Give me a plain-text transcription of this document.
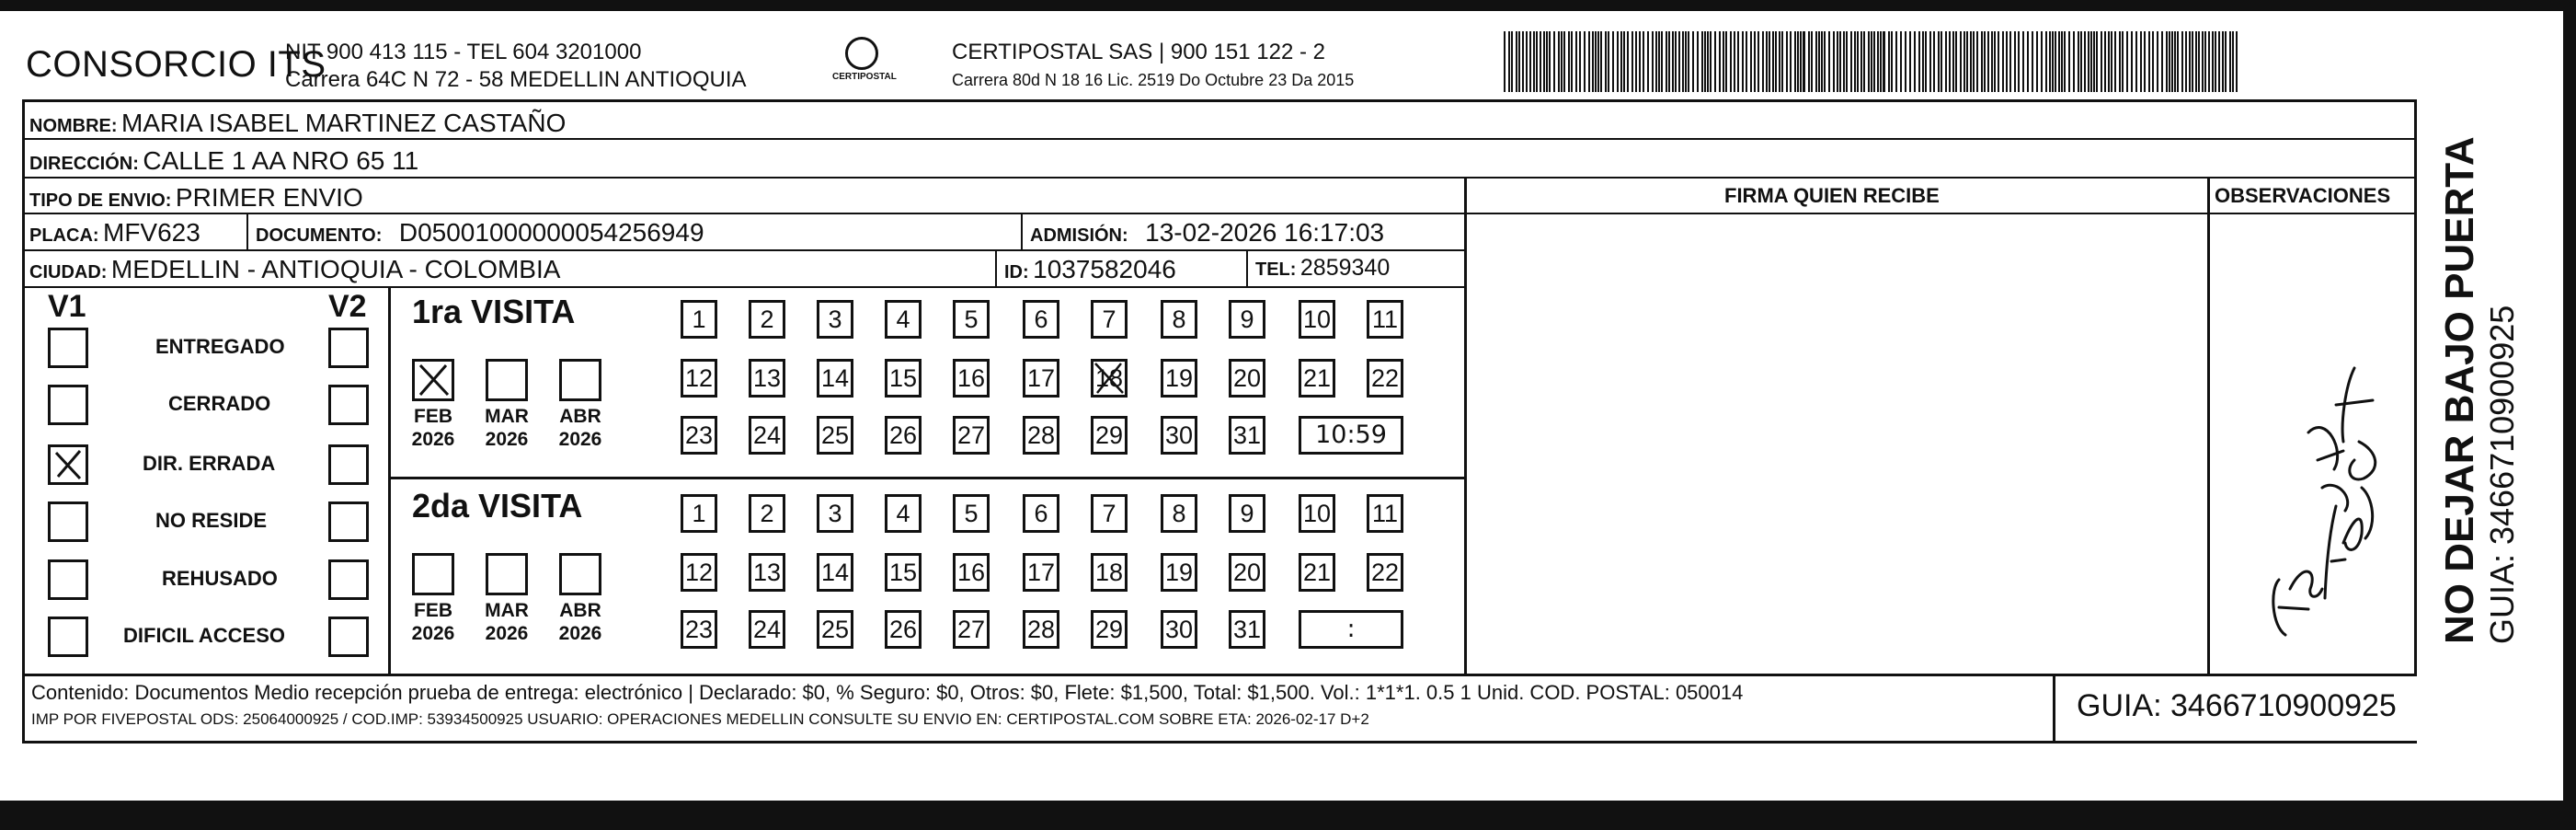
CONSORCIO ITS
NIT 900 413 115 - TEL 604 3201000
Carrera 64C N 72 - 58 MEDELLIN ANTIOQUIA	CERTIPOSTAL
CERTIPOSTAL SAS | 900 151 122 - 2
Carrera 80d N 18 16 Lic. 2519 Do Octubre 23 Da 2015
NOMBRE: MARIA ISABEL MARTINEZ CASTAÑO
DIRECCIÓN: CALLE 1 AA NRO 65 11
TIPO DE ENVIO: PRIMER ENVIO
PLACA: MFV623	DOCUMENTO: D05001000000054256949	ADMISIÓN: 13-02-2026 16:17:03
CIUDAD: MEDELLIN - ANTIOQUIA - COLOMBIA	ID: 1037582046	TEL: 2859340
FIRMA QUIEN RECIBE	OBSERVACIONES
V1	V2
ENTREGADO
CERRADO
DIR. ERRADA
NO RESIDE
REHUSADO
DIFICIL ACCESO
1ra VISITA
FEB
2026
MAR
2026
ABR
2026
1	2	3	4	5	6	7	8	9	10 11
12 13 14 15 16 17 18 19 20 21 22
23 24 25 26 27 28 29 30 31	10:59
2da VISITA
FEB
2026
MAR
2026
ABR
2026
1	2	3	4	5	6	7	8	9	10 11
12 13 14 15 16 17 18 19 20 21 22
23 24 25 26 27 28 29 30 31	:
Contenido: Documentos Medio recepción prueba de entrega: electrónico | Declarado: $0, % Seguro: $0, Otros: $0, Flete: $1,500, Total: $1,500. Vol.: 1*1*1. 0.5 1 Unid. COD. POSTAL: 050014
IMP POR FIVEPOSTAL ODS: 25064000925 / COD.IMP: 53934500925 USUARIO: OPERACIONES MEDELLIN CONSULTE SU ENVIO EN: CERTIPOSTAL.COM SOBRE ETA: 2026-02-17 D+2	GUIA: 3466710900925
NO DEJAR BAJO PUERTA GUIA: 3466710900925
